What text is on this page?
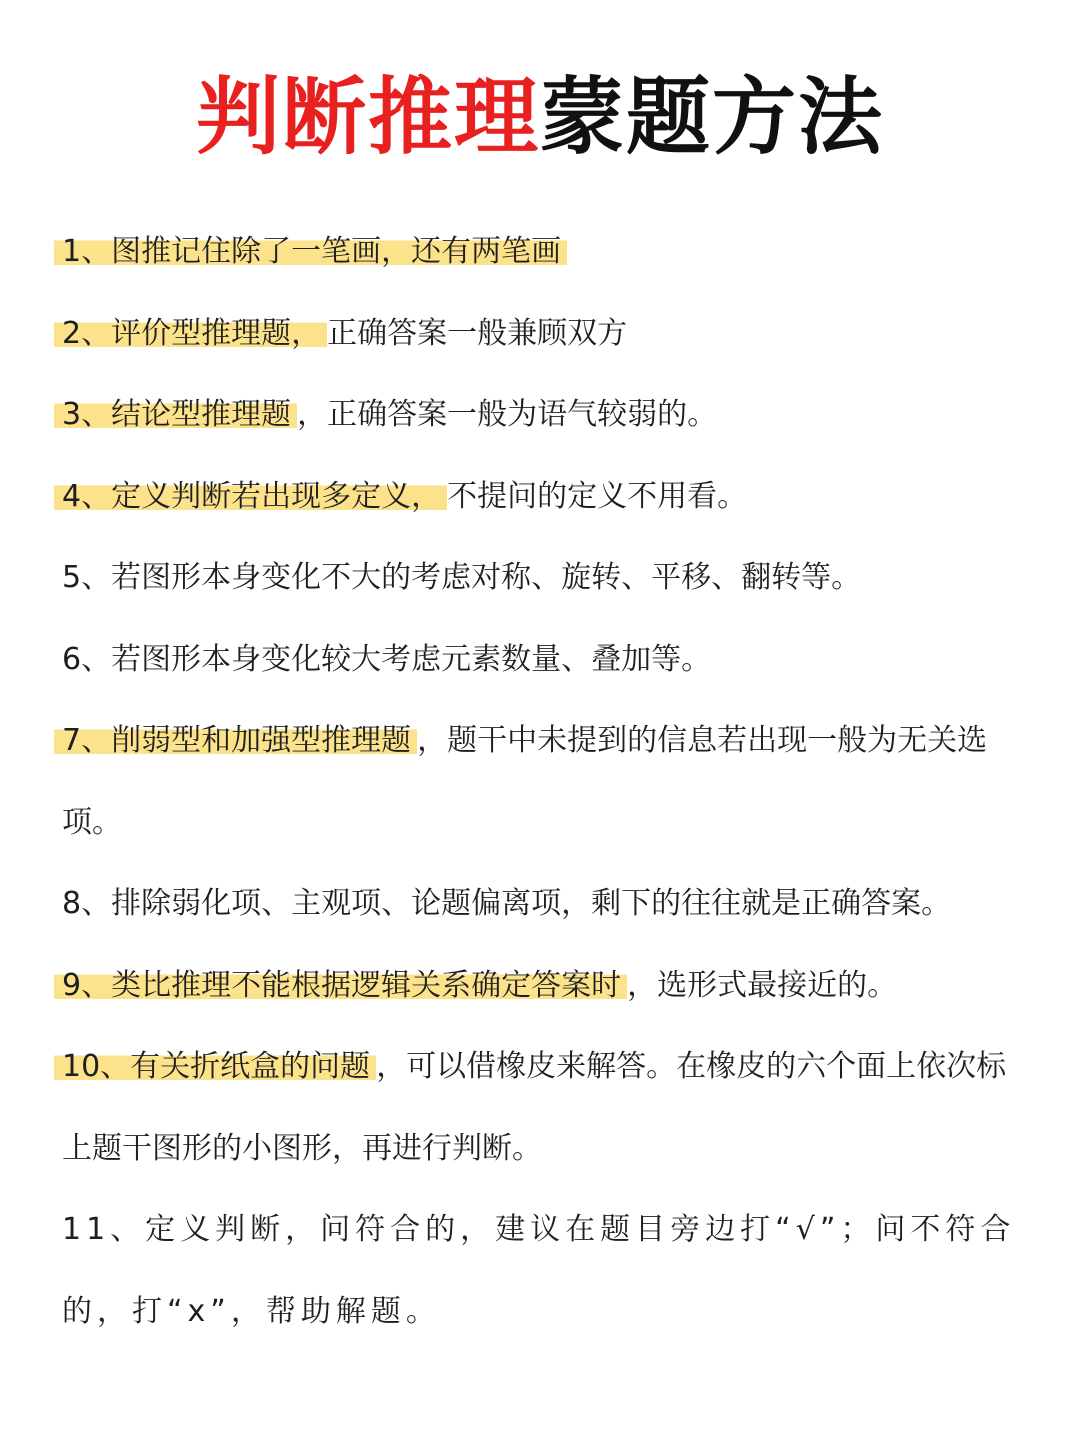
判断推理蒙题方法
1、图推记住除了一笔画，还有两笔画
2、评价型推理题， 正确答案一般兼顾双方
3、结论型推理题 ，正确答案一般为语气较弱的。
4、定义判断若出现多定义， 不提问的定义不用看。
5、若图形本身变化不大的考虑对称、旋转、平移、翻转等。
6、若图形本身变化较大考虑元素数量、叠加等。
7、削弱型和加强型推理题 ，题干中未提到的信息若出现一般为无关选项。
8、排除弱化项、主观项、论题偏离项，剩下的往往就是正确答案。
9、类比推理不能根据逻辑关系确定答案时 ，选形式最接近的。
10、有关折纸盒的问题 ，可以借橡皮来解答。在橡皮的六个面上依次标上题干图形的小图形，再进行判断。
11、定义判断，问符合的，建议在题目旁边打“√”；问不符合的，打“x”，帮助解题。
